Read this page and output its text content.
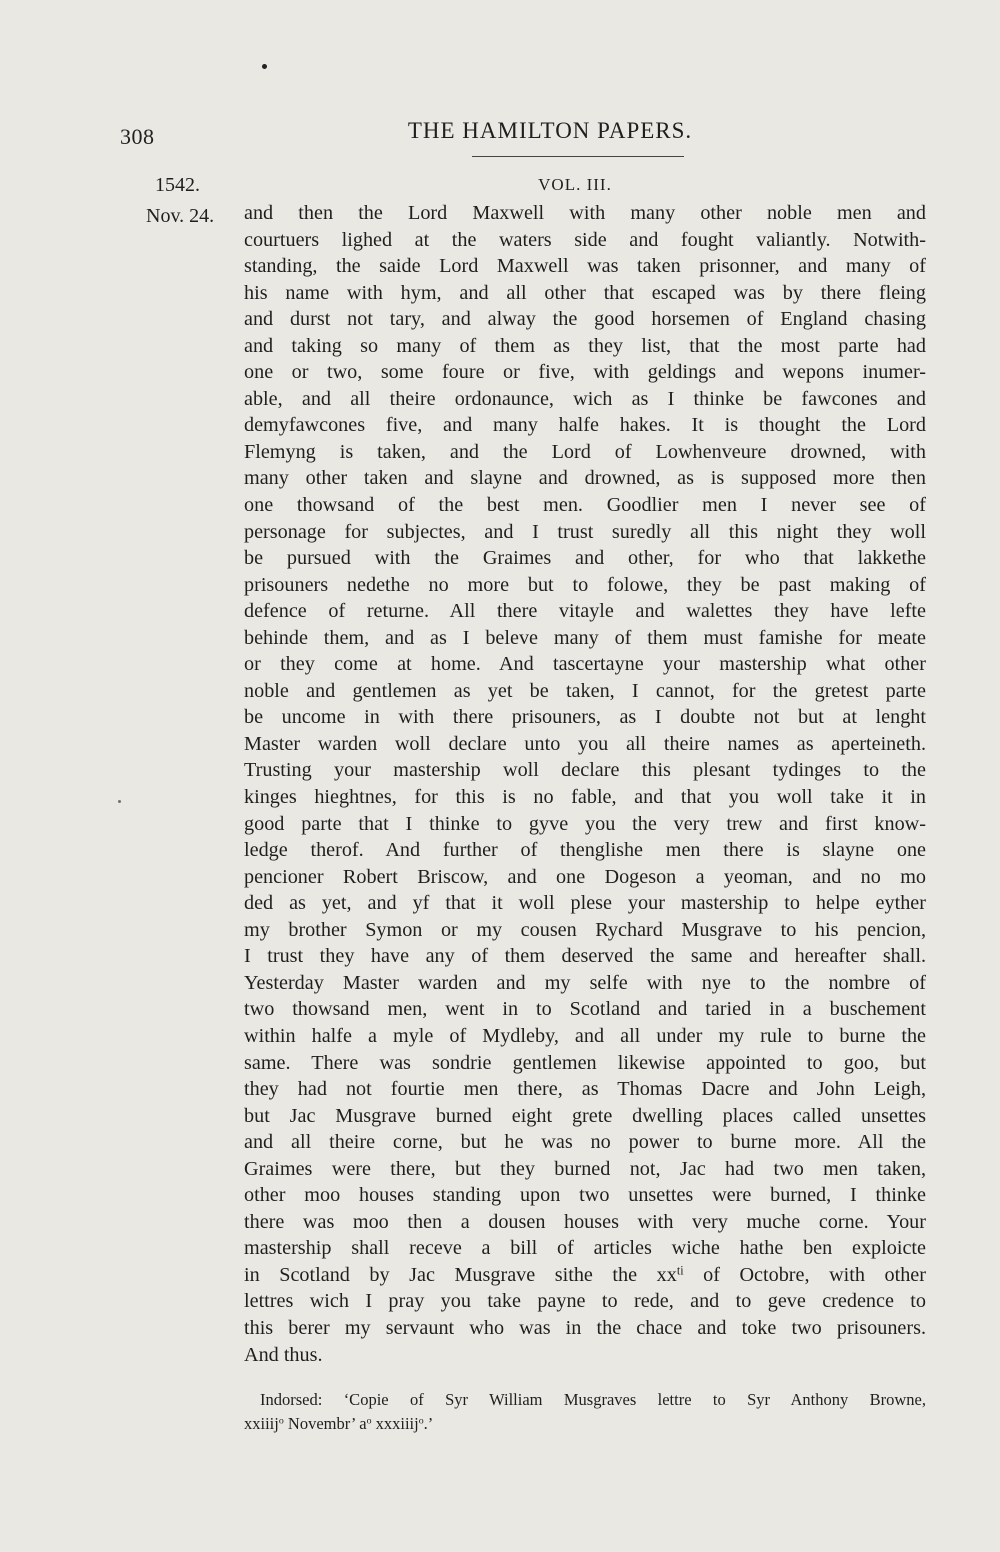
308	THE HAMILTON PAPERS.
1542.	VOL. III.
Nov. 24. and then the Lord Maxwell with many other noble men and
courtuers lighed at the waters side and fought valiantly. Notwith-
standing, the saide Lord Maxwell was taken prisonner, and many of
his name with hym, and all other that escaped was by there fleing
and durst not tary, and alway the good horsemen of England chasing
and taking so many of them as they list, that the most parte had
one or two, some foure or five, with geldings and wepons inumer-
able, and all theire ordonaunce, wich as I thinke be fawcones and
demyfawcones five, and many halfe hakes. It is thought the Lord
Flemyng is taken, and the Lord of Lowhenveure drowned, with
many other taken and slayne and drowned, as is supposed more then
one thowsand of the best men. Goodlier men I never see of
personage for subjectes, and I trust suredly all this night they woll
be pursued with the Graimes and other, for who that lakkethe
prisouners nedethe no more but to folowe, they be past making of
defence of returne. All there vitayle and walettes they have lefte
behinde them, and as I beleve many of them must famishe for meate
or they come at home. And tascertayne your mastership what other
noble and gentlemen as yet be taken, I cannot, for the gretest parte
be uncome in with there prisouners, as I doubte not but at lenght
Master warden woll declare unto you all theire names as aperteineth.
Trusting your mastership woll declare this plesant tydinges to the
kinges hieghtnes, for this is no fable, and that you woll take it in
good parte that I thinke to gyve you the very trew and first know-
ledge therof. And further of thenglishe men there is slayne one
pencioner Robert Briscow, and one Dogeson a yeoman, and no mo
ded as yet, and yf that it woll plese your mastership to helpe eyther
my brother Symon or my cousen Rychard Musgrave to his pencion,
I trust they have any of them deserved the same and hereafter shall.
Yesterday Master warden and my selfe with nye to the nombre of
two thowsand men, went in to Scotland and taried in a buschement
within halfe a myle of Mydleby, and all under my rule to burne the
same. There was sondrie gentlemen likewise appointed to goo, but
they had not fourtie men there, as Thomas Dacre and John Leigh,
but Jac Musgrave burned eight grete dwelling places called unsettes
and all theire corne, but he was no power to burne more. All the
Graimes were there, but they burned not, Jac had two men taken,
other moo houses standing upon two unsettes were burned, I thinke
there was moo then a dousen houses with very muche corne. Your
mastership shall receve a bill of articles wiche hathe ben exploicte
in Scotland by Jac Musgrave sithe the $xx^{ti}$ of Octobre, with other
lettres wich I pray you take payne to rede, and to geve credence to
this berer my servaunt who was in the chace and toke two prisouners.
And thus.
Indorsed: ‘Copie of Syr William Musgraves lettre to Syr Anthony Browne,
xxiiij$^o$ Novembr’ $a^o$ xxxiiij$^o$.’
